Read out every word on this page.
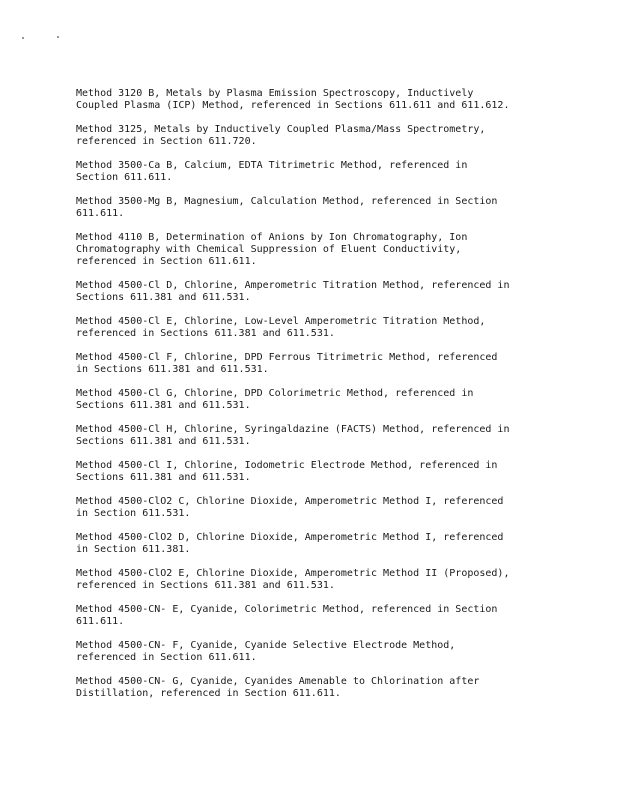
Method 3120 B, Metals by Plasma Emission Spectroscopy, Inductively
Coupled Plasma (ICP) Method, referenced in Sections 611.611 and 611.612.

Method 3125, Metals by Inductively Coupled Plasma/Mass Spectrometry,
referenced in Section 611.720.

Method 3500-Ca B, Calcium, EDTA Titrimetric Method, referenced in
Section 611.611.

Method 3500-Mg B, Magnesium, Calculation Method, referenced in Section
611.611.

Method 4110 B, Determination of Anions by Ion Chromatography, Ion
Chromatography with Chemical Suppression of Eluent Conductivity,
referenced in Section 611.611.

Method 4500-Cl D, Chlorine, Amperometric Titration Method, referenced in
Sections 611.381 and 611.531.

Method 4500-Cl E, Chlorine, Low-Level Amperometric Titration Method,
referenced in Sections 611.381 and 611.531.

Method 4500-Cl F, Chlorine, DPD Ferrous Titrimetric Method, referenced
in Sections 611.381 and 611.531.

Method 4500-Cl G, Chlorine, DPD Colorimetric Method, referenced in
Sections 611.381 and 611.531.

Method 4500-Cl H, Chlorine, Syringaldazine (FACTS) Method, referenced in
Sections 611.381 and 611.531.

Method 4500-Cl I, Chlorine, Iodometric Electrode Method, referenced in
Sections 611.381 and 611.531.

Method 4500-ClO2 C, Chlorine Dioxide, Amperometric Method I, referenced
in Section 611.531.

Method 4500-ClO2 D, Chlorine Dioxide, Amperometric Method I, referenced
in Section 611.381.

Method 4500-ClO2 E, Chlorine Dioxide, Amperometric Method II (Proposed),
referenced in Sections 611.381 and 611.531.

Method 4500-CN- E, Cyanide, Colorimetric Method, referenced in Section
611.611.

Method 4500-CN- F, Cyanide, Cyanide Selective Electrode Method,
referenced in Section 611.611.

Method 4500-CN- G, Cyanide, Cyanides Amenable to Chlorination after
Distillation, referenced in Section 611.611.
